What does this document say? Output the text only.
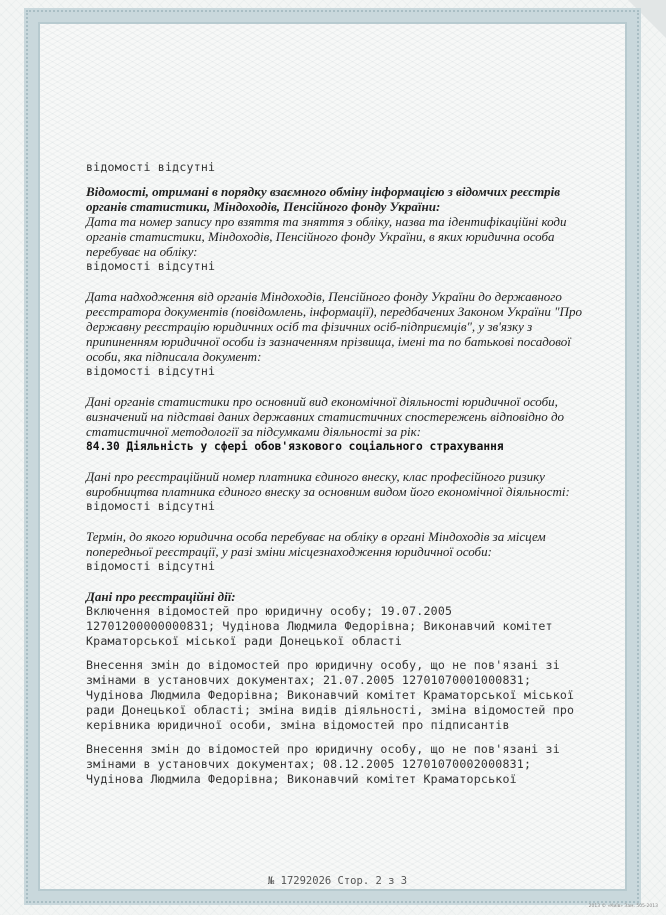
відомості відсутні
Відомості, отримані в порядку взаємного обміну інформацією з відомчих реєстрів органів статистики, Міндоходів, Пенсійного фонду України:
Дата та номер запису про взяття та зняття з обліку, назва та ідентифікаційні коди органів статистики, Міндоходів, Пенсійного фонду України, в яких юридична особа перебуває на обліку:
відомості відсутні
Дата надходження від органів Міндоходів, Пенсійного фонду України до державного реєстратора документів (повідомлень, інформації), передбачених Законом України "Про державну реєстрацію юридичних осіб та фізичних осіб-підприємців", у зв'язку з припиненням юридичної особи із зазначенням прізвища, імені та по батькові посадової особи, яка підписала документ:
відомості відсутні
Дані органів статистики про основний вид економічної діяльності юридичної особи, визначений на підставі даних державних статистичних спостережень відповідно до статистичної методології за підсумками діяльності за рік:
84.30 Діяльність у сфері обов'язкового соціального страхування
Дані про реєстраційний номер платника єдиного внеску, клас професійного ризику виробництва платника єдиного внеску за основним видом його економічної діяльності:
відомості відсутні
Термін, до якого юридична особа перебуває на обліку в органі Міндоходів за місцем попередньої реєстрації, у разі зміни місцезнаходження юридичної особи:
відомості відсутні
Дані про реєстраційні дії:
Включення відомостей про юридичну особу; 19.07.2005 12701200000000831; Чудінова Людмила Федорівна; Виконавчий комітет Краматорської міської ради Донецької області
Внесення змін до відомостей про юридичну особу, що не пов'язані зі змінами в установчих документах; 21.07.2005 12701070001000831; Чудінова Людмила Федорівна; Виконавчий комітет Краматорської міської ради Донецької області; зміна видів діяльності, зміна відомостей про керівника юридичної особи, зміна відомостей про підписантів
Внесення змін до відомостей про юридичну особу, що не пов'язані зі змінами в установчих документах; 08.12.2005 12701070002000831; Чудінова Людмила Федорівна; Виконавчий комітет Краматорської
№ 17292026 Стор. 2 з 3
2013 © «Київ» Зам. 505-2013
